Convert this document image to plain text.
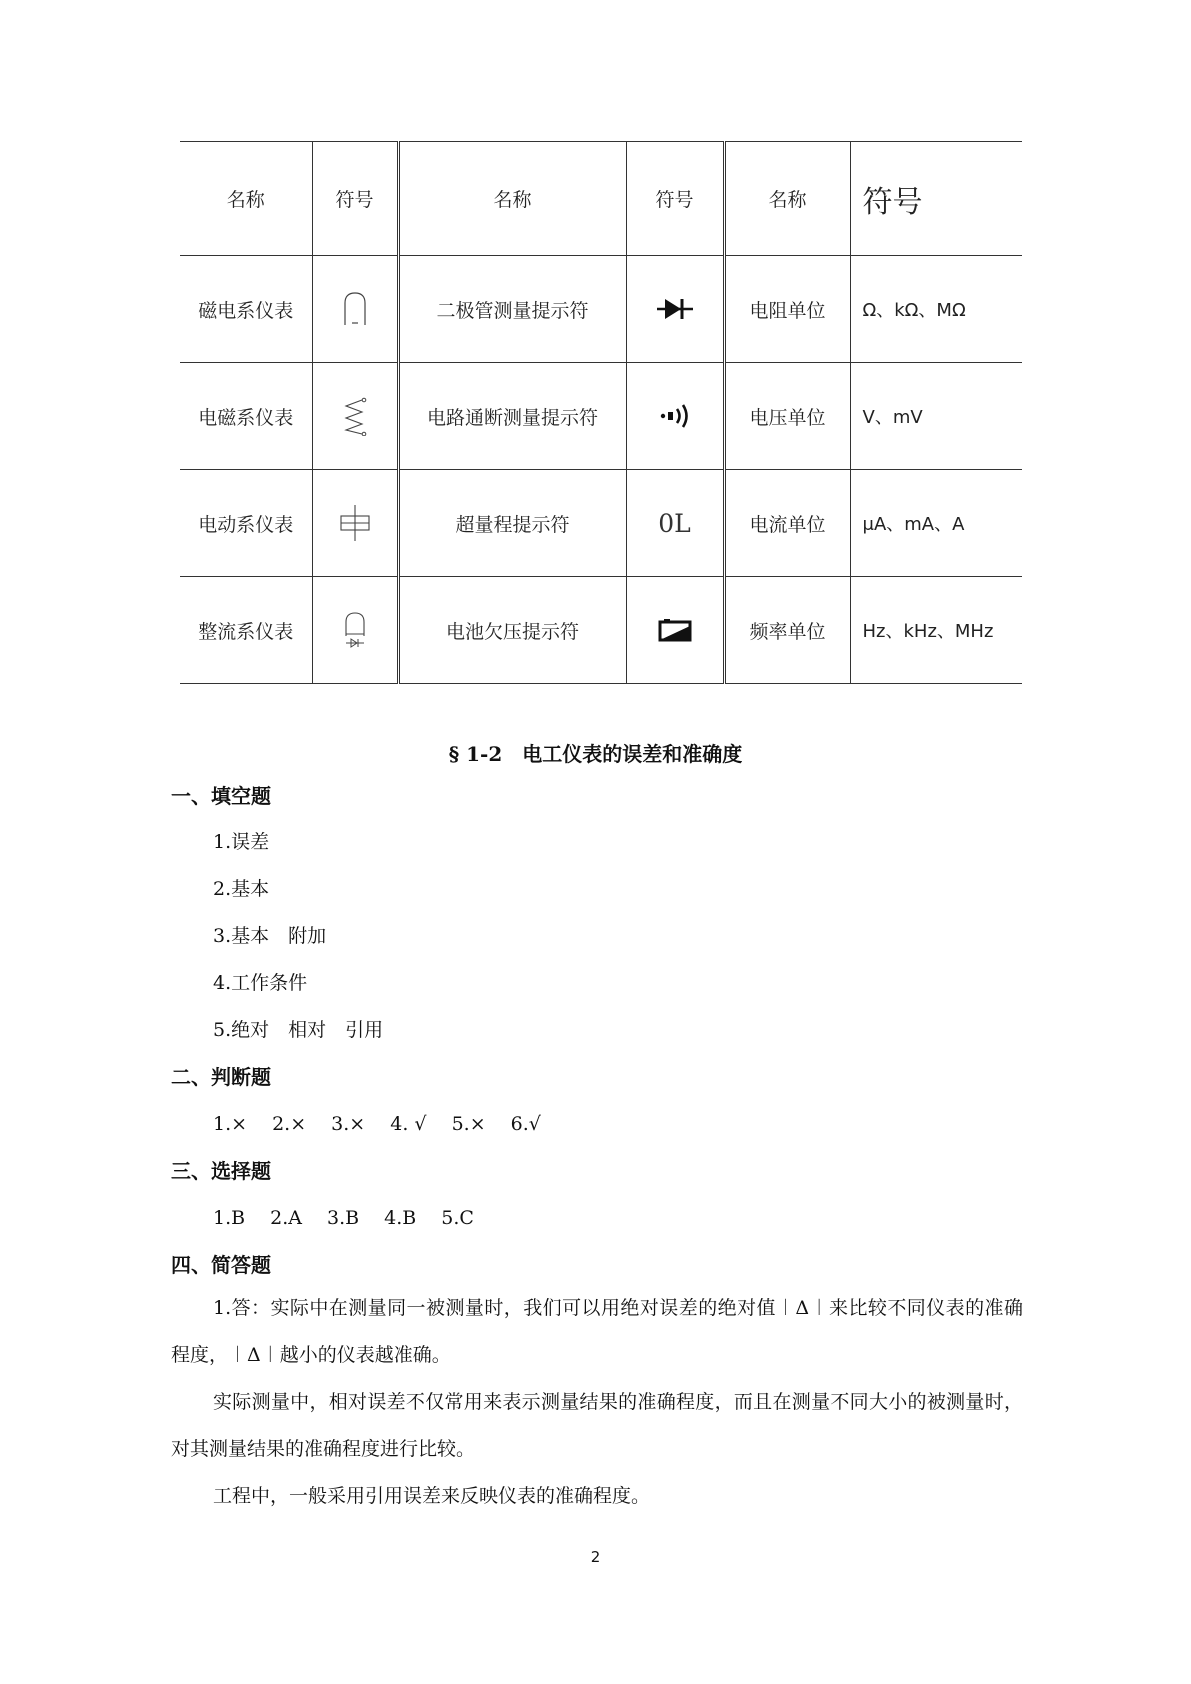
名称	符号	名称	符号	名称	符号
磁电系仪表		二极管测量提示符		电阻单位	Ω、kΩ、MΩ
电磁系仪表		电路通断测量提示符		电压单位	V、mV
电动系仪表		超量程提示符	0L	电流单位	μA、mA、A
整流系仪表		电池欠压提示符		频率单位	Hz、kHz、MHz
§ 1-2　电工仪表的误差和准确度
一、填空题
1.误差
2.基本
3.基本　附加
4.工作条件
5.绝对　相对　引用
二、判断题
1.×　 2.×　 3.×　 4. √　 5.×　 6.√
三、选择题
1.B　 2.A　 3.B　 4.B　 5.C
四、简答题
1.答：实际中在测量同一被测量时，我们可以用绝对误差的绝对值︱Δ︱来比较不同仪表的准确程度，︱Δ︱越小的仪表越准确。
实际测量中，相对误差不仅常用来表示测量结果的准确程度，而且在测量不同大小的被测量时，对其测量结果的准确程度进行比较。
工程中，一般采用引用误差来反映仪表的准确程度。
2
